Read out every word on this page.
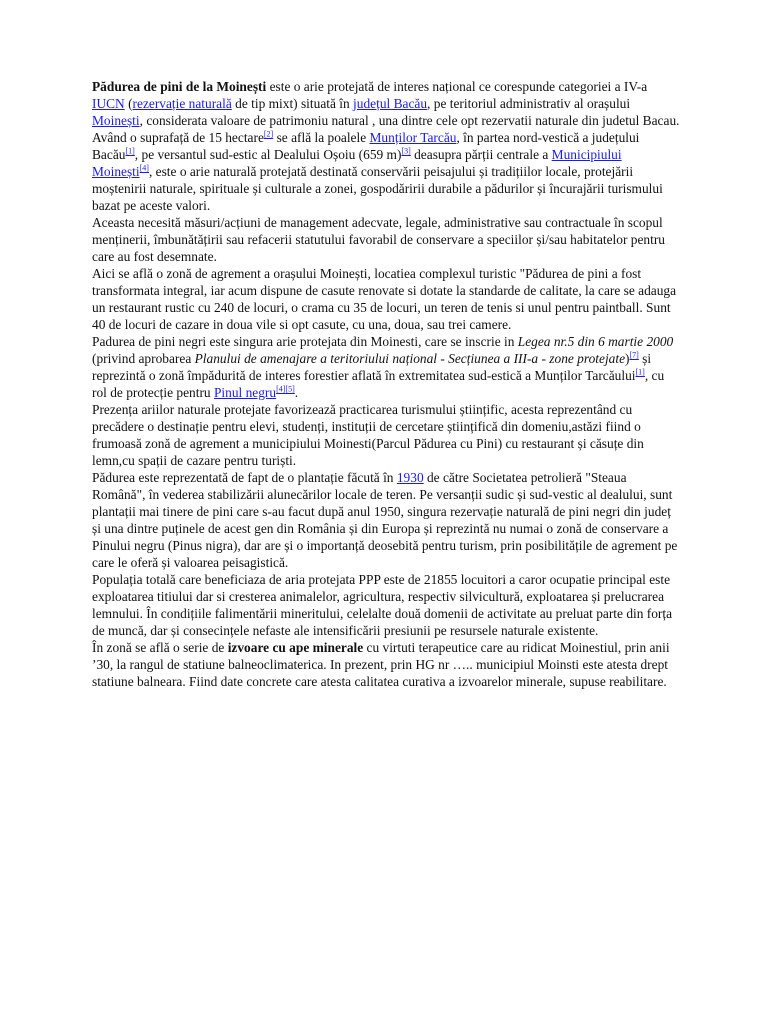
Pădurea de pini de la Moinești este o arie protejată de interes național ce corespunde categoriei a IV-a IUCN (rezervație naturală de tip mixt) situată în județul Bacău, pe teritoriul administrativ al orașului Moinești, considerata valoare de patrimoniu natural , una dintre cele opt rezervatii naturale din judetul Bacau.

Având o suprafață de 15 hectare[2] se află la poalele Munților Tarcău, în partea nord-vestică a județului Bacău[1], pe versantul sud-estic al Dealului Oșoiu (659 m)[3] deasupra părții centrale a Municipiului Moinești[4], este o arie naturală protejată destinată conservării peisajului și tradițiilor locale, protejării moștenirii naturale, spirituale și culturale a zonei, gospodăririi durabile a pădurilor și încurajării turismului bazat pe aceste valori.

Aceasta necesită măsuri/acțiuni de management adecvate, legale, administrative sau contractuale în scopul menținerii, îmbunătățirii sau refacerii statutului favorabil de conservare a speciilor și/sau habitatelor pentru care au fost desemnate.

Aici se află o zonă de agrement a orașului Moinești, locatiea complexul turistic "Pădurea de pini a fost transformata integral, iar acum dispune de casute renovate si dotate la standarde de calitate, la care se adauga un restaurant rustic cu 240 de locuri, o crama cu 35 de locuri, un teren de tenis si unul pentru paintball. Sunt 40 de locuri de cazare in doua vile si opt casute, cu una, doua, sau trei camere.

Padurea de pini negri este singura arie protejata din Moinesti, care se inscrie in Legea nr.5 din 6 martie 2000 (privind aprobarea Planului de amenajare a teritoriului național - Secțiunea a III-a - zone protejate)[7] și reprezintă o zonă împădurită de interes forestier aflată în extremitatea sud-estică a Munților Tarcăului[1], cu rol de protecție pentru Pinul negru[4][5].

Prezența ariilor naturale protejate favorizează practicarea turismului științific, acesta reprezentând cu precădere o destinație pentru elevi, studenți, instituții de cercetare științifică din domeniu,astăzi fiind o frumoasă zonă de agrement a municipiului Moinesti(Parcul Pădurea cu Pini) cu restaurant și căsuțe din lemn,cu spații de cazare pentru turiști.

Pădurea este reprezentată de fapt de o plantație făcută în 1930 de către Societatea petrolieră "Steaua Română", în vederea stabilizării alunecărilor locale de teren. Pe versanții sudic și sud-vestic al dealului, sunt plantații mai tinere de pini care s-au facut după anul 1950, singura rezervație naturală de pini negri din județ și una dintre puținele de acest gen din România și din Europa și reprezintă nu numai o zonă de conservare a Pinului negru (Pinus nigra), dar are și o importanță deosebită pentru turism, prin posibilitățile de agrement pe care le oferă și valoarea peisagistică.

Populația totală care beneficiaza de aria protejata PPP este de 21855 locuitori a caror ocupatie principal este exploatarea titiului dar si cresterea animalelor, agricultura, respectiv silvicultură, exploatarea și prelucrarea lemnului. În condițiile falimentării mineritului, celelalte două domenii de activitate au preluat parte din forța de muncă, dar și consecințele nefaste ale intensificării presiunii pe resursele naturale existente.

În zonă se află o serie de izvoare cu ape minerale cu virtuti terapeutice care au ridicat Moinestiul, prin anii ’30, la rangul de statiune balneoclimaterica. In prezent, prin HG nr ….. municipiul Moinsti este atesta drept statiune balneara. Fiind date concrete care atesta calitatea curativa a izvoarelor minerale, supuse reabilitare.
